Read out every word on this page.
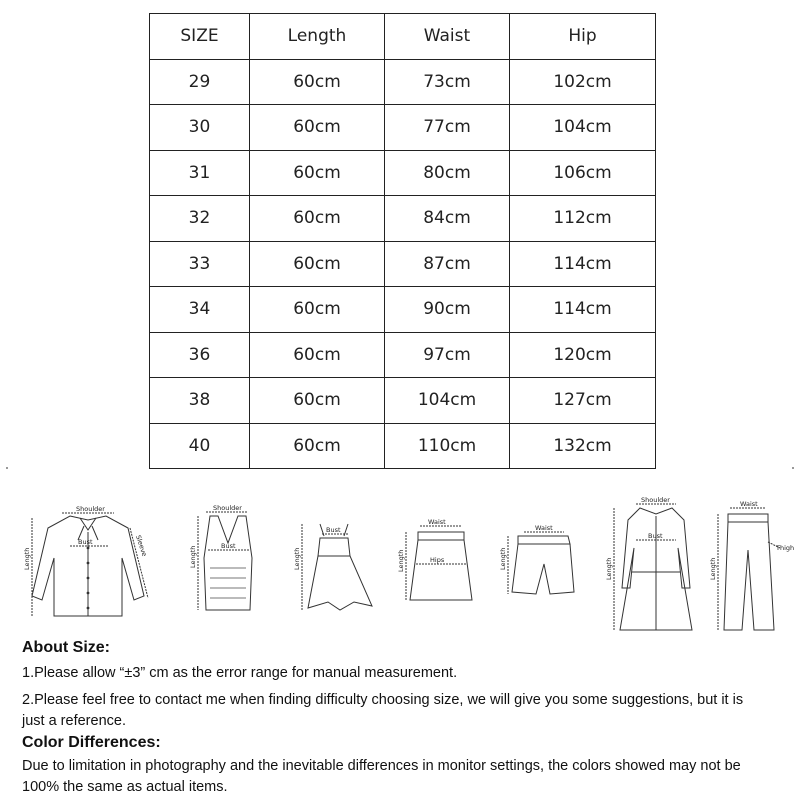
SIZE	Length	Waist	Hip
29	60cm	73cm	102cm
30	60cm	77cm	104cm
31	60cm	80cm	106cm
32	60cm	84cm	112cm
33	60cm	87cm	114cm
34	60cm	90cm	114cm
36	60cm	97cm	120cm
38	60cm	104cm	127cm
40	60cm	110cm	132cm
Shoulder
Length
Bust	Sleeve
Shoulder
Length	Bust
Bust
Length
Waist
Hips
Length
Waist
Length
Shoulder
Bust
Length
Waist
Thigh
Length
About Size:
1.Please allow “±3” cm as the error range for manual measurement.
2.Please feel free to contact me when finding difficulty choosing size, we will give you some suggestions, but it is
just a reference.
Color Differences:
Due to limitation in photography and the inevitable differences in monitor settings, the colors showed may not be
100% the same as actual items.
